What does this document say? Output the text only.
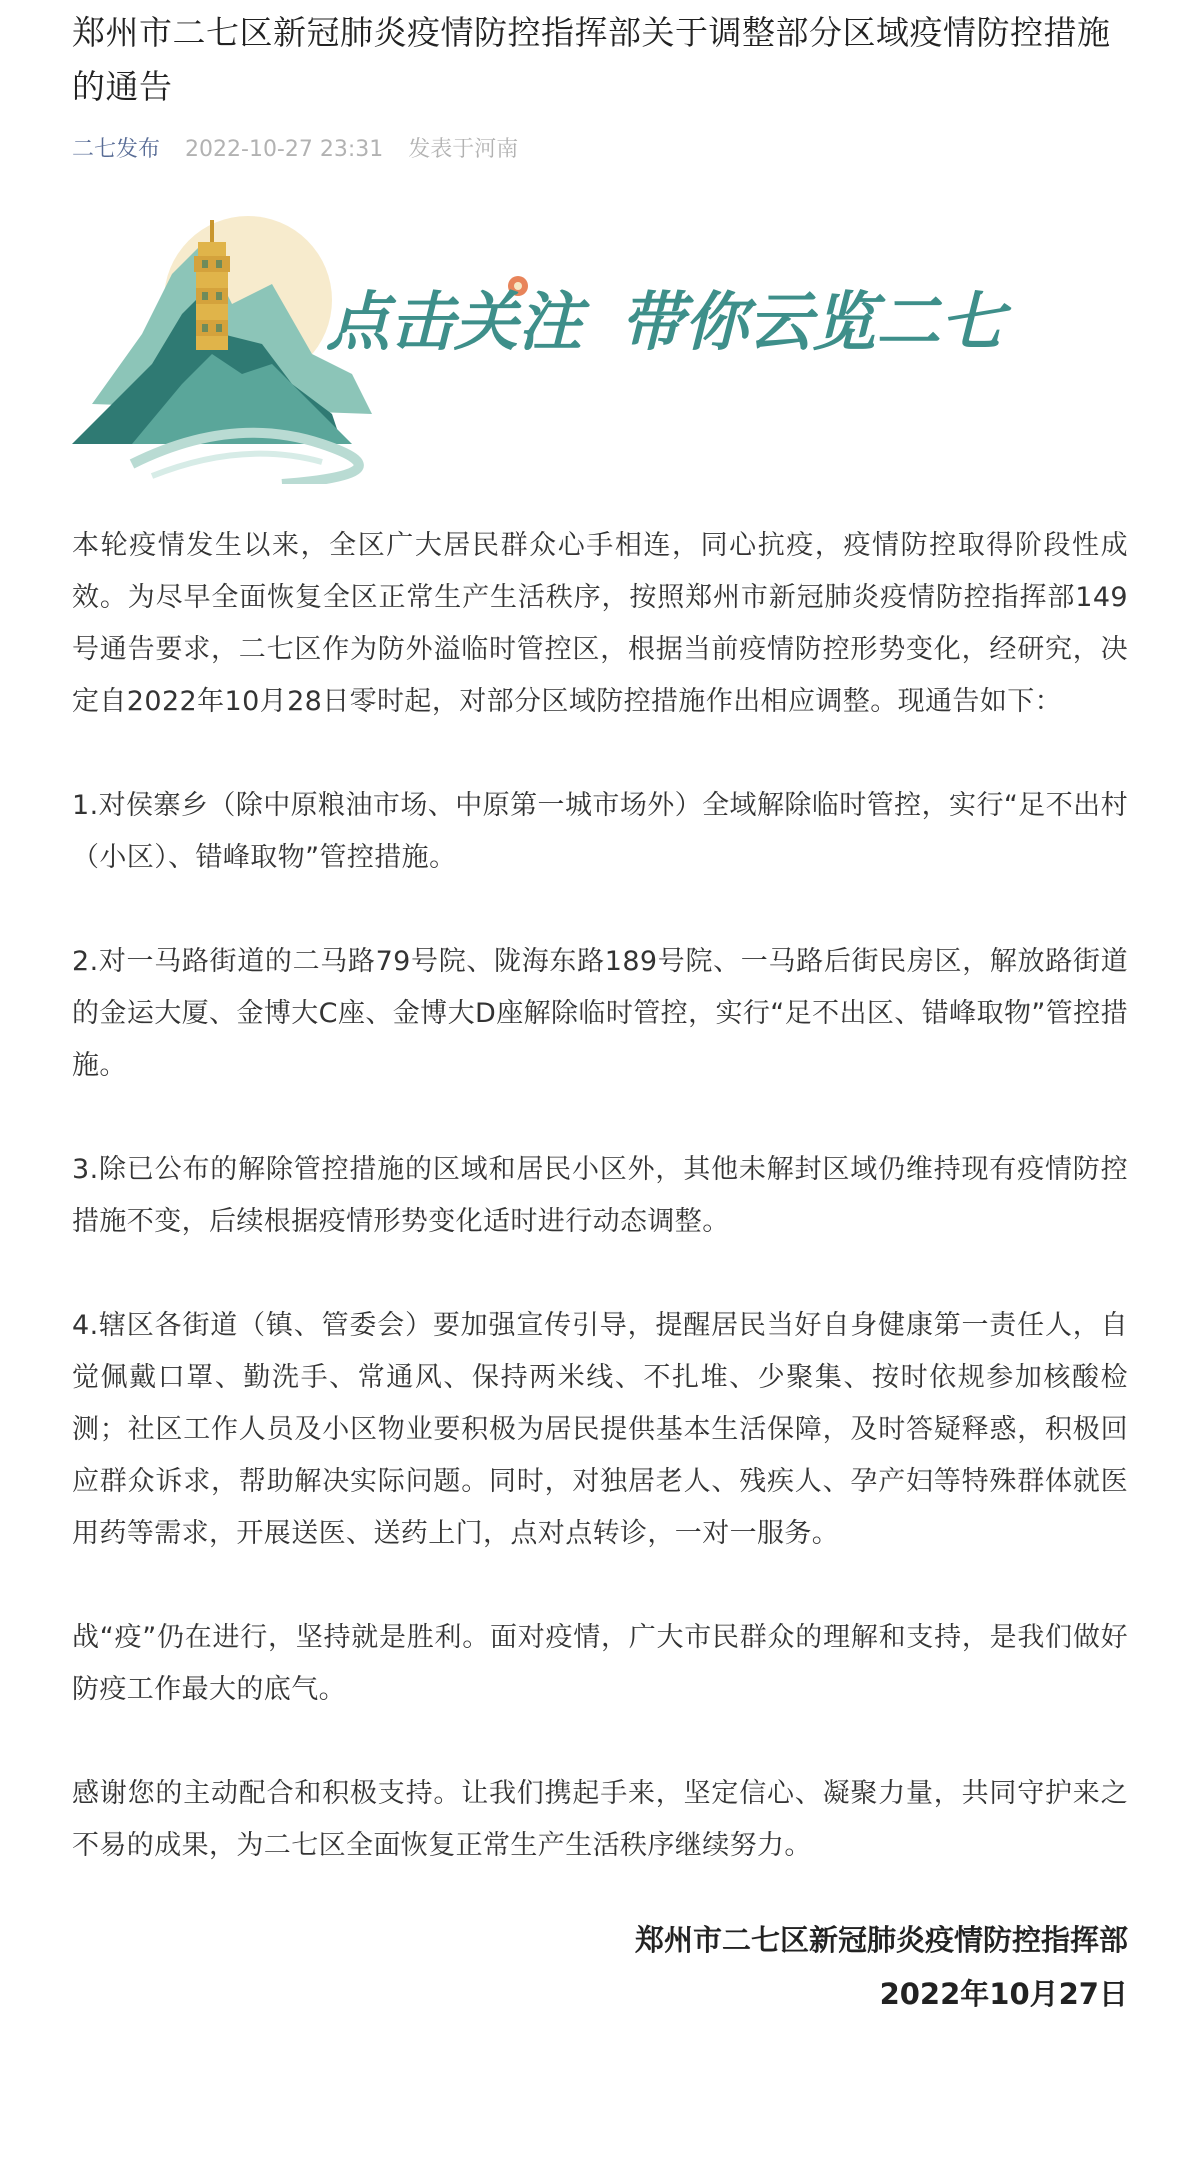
郑州市二七区新冠肺炎疫情防控指挥部关于调整部分区域疫情防控措施的通告
二七发布 2022-10-27 23:31 发表于河南
点击关注 带你云览二七

本轮疫情发生以来，全区广大居民群众心手相连，同心抗疫，疫情防控取得阶段性成效。为尽早全面恢复全区正常生产生活秩序，按照郑州市新冠肺炎疫情防控指挥部149号通告要求，二七区作为防外溢临时管控区，根据当前疫情防控形势变化，经研究，决定自2022年10月28日零时起，对部分区域防控措施作出相应调整。现通告如下：

1.对侯寨乡（除中原粮油市场、中原第一城市场外）全域解除临时管控，实行“足不出村（小区）、错峰取物”管控措施。

2.对一马路街道的二马路79号院、陇海东路189号院、一马路后街民房区，解放路街道的金运大厦、金博大C座、金博大D座解除临时管控，实行“足不出区、错峰取物”管控措施。

3.除已公布的解除管控措施的区域和居民小区外，其他未解封区域仍维持现有疫情防控措施不变，后续根据疫情形势变化适时进行动态调整。

4.辖区各街道（镇、管委会）要加强宣传引导，提醒居民当好自身健康第一责任人，自觉佩戴口罩、勤洗手、常通风、保持两米线、不扎堆、少聚集、按时依规参加核酸检测；社区工作人员及小区物业要积极为居民提供基本生活保障，及时答疑释惑，积极回应群众诉求，帮助解决实际问题。同时，对独居老人、残疾人、孕产妇等特殊群体就医用药等需求，开展送医、送药上门，点对点转诊，一对一服务。

战“疫”仍在进行，坚持就是胜利。面对疫情，广大市民群众的理解和支持，是我们做好防疫工作最大的底气。

感谢您的主动配合和积极支持。让我们携起手来，坚定信心、凝聚力量，共同守护来之不易的成果，为二七区全面恢复正常生产生活秩序继续努力。

郑州市二七区新冠肺炎疫情防控指挥部
2022年10月27日
